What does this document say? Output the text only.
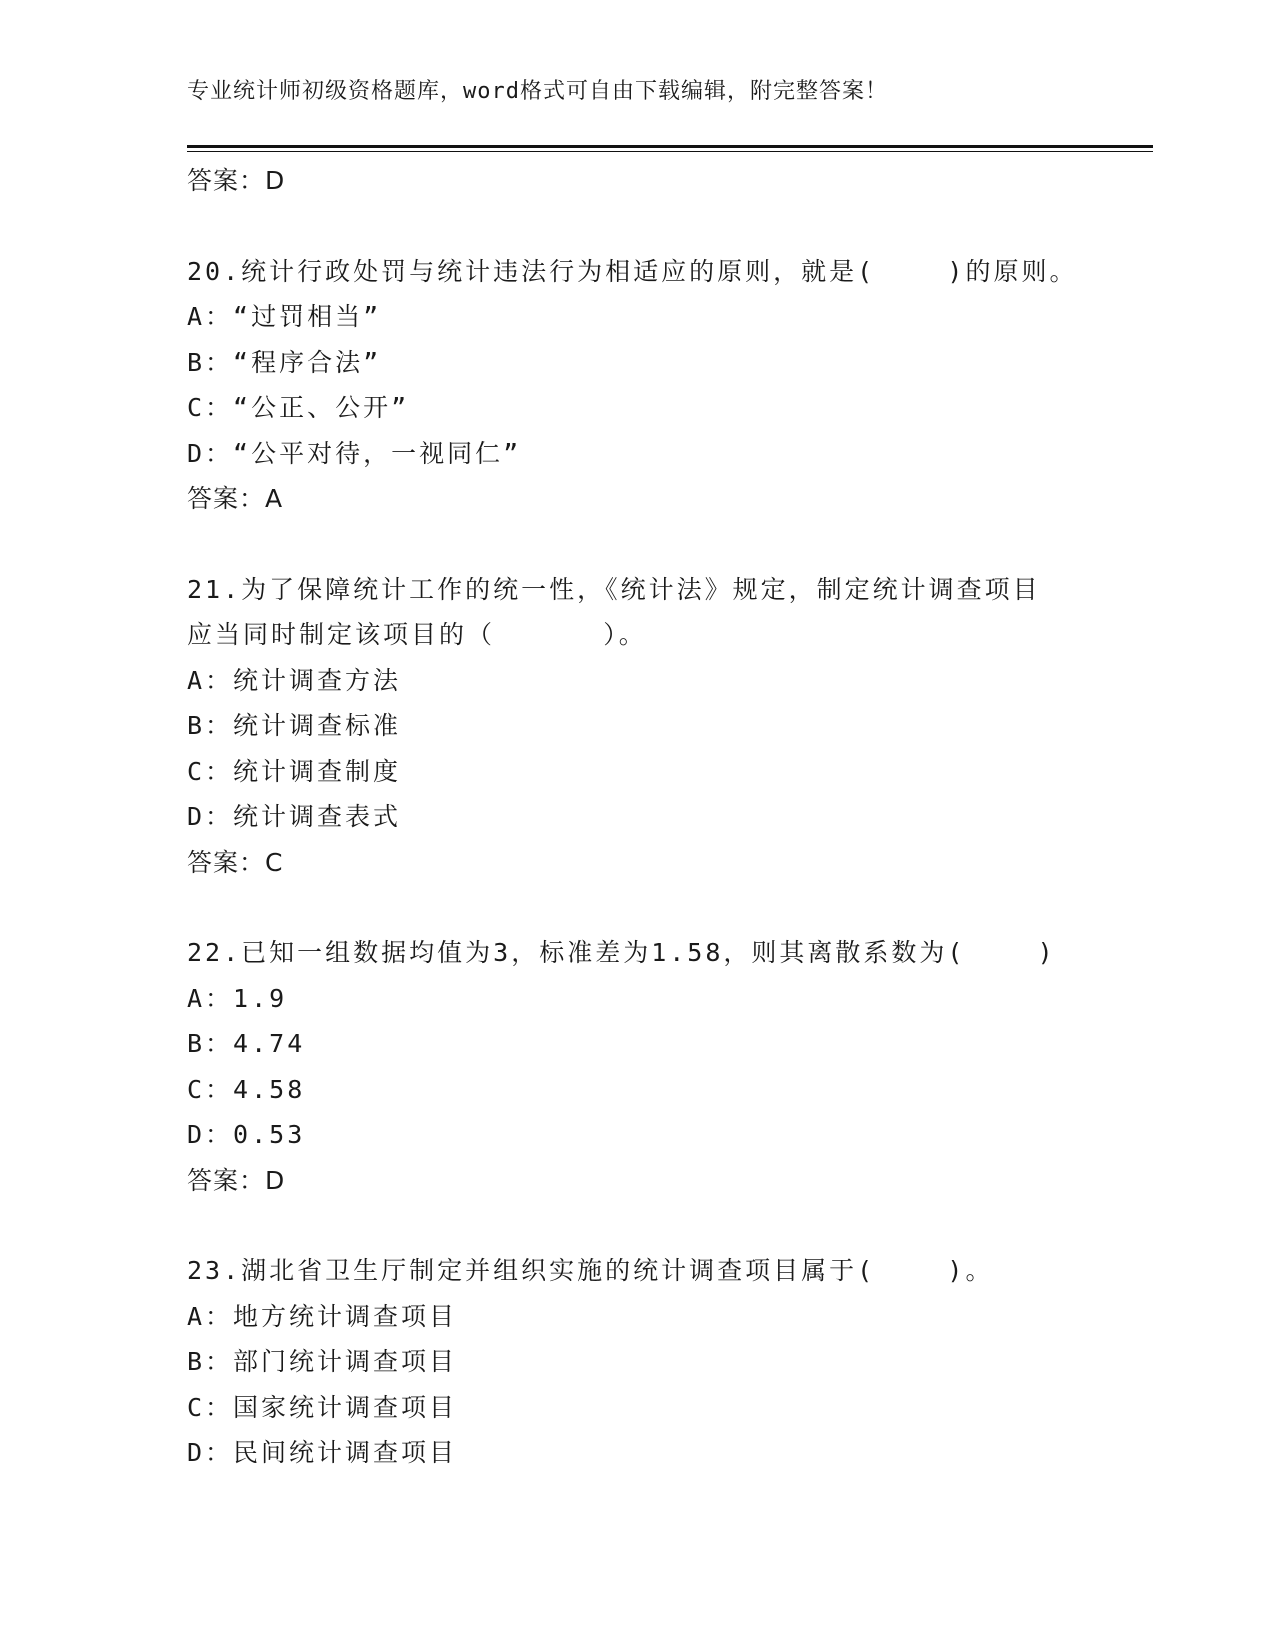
专业统计师初级资格题库，word格式可自由下载编辑，附完整答案！
答案：D
20.统计行政处罚与统计违法行为相适应的原则，就是(    )的原则。
A：“过罚相当”
B：“程序合法”
C：“公正、公开”
D：“公平对待，一视同仁”
答案：A
21.为了保障统计工作的统一性，《统计法》规定，制定统计调查项目
应当同时制定该项目的（      ）。
A：统计调查方法
B：统计调查标准
C：统计调查制度
D：统计调查表式
答案：C
22.已知一组数据均值为3，标准差为1.58，则其离散系数为(    )
A：1.9
B：4.74
C：4.58
D：0.53
答案：D
23.湖北省卫生厅制定并组织实施的统计调查项目属于(    )。
A：地方统计调查项目
B：部门统计调查项目
C：国家统计调查项目
D：民间统计调查项目
